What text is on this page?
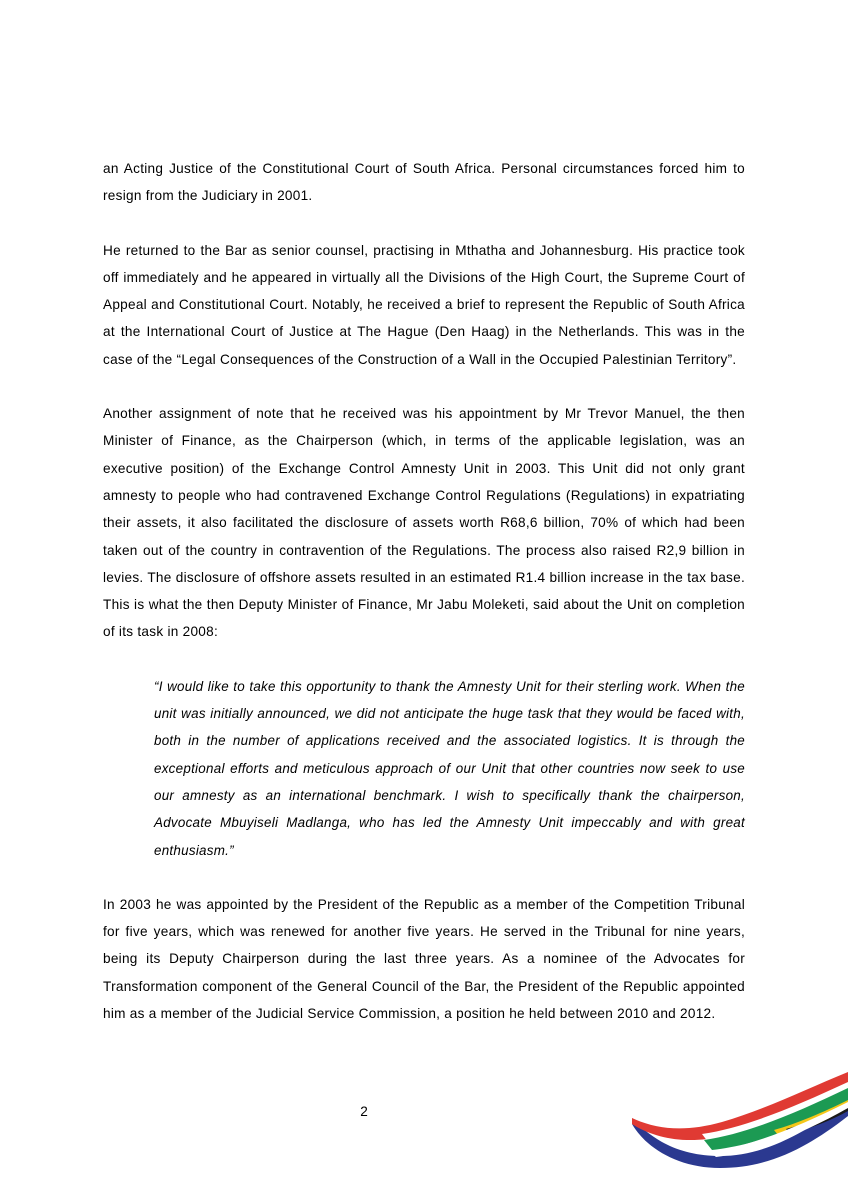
an Acting Justice of the Constitutional Court of South Africa. Personal circumstances forced him to resign from the Judiciary in 2001.

He returned to the Bar as senior counsel, practising in Mthatha and Johannesburg. His practice took off immediately and he appeared in virtually all the Divisions of the High Court, the Supreme Court of Appeal and Constitutional Court. Notably, he received a brief to represent the Republic of South Africa at the International Court of Justice at The Hague (Den Haag) in the Netherlands. This was in the case of the “Legal Consequences of the Construction of a Wall in the Occupied Palestinian Territory”.

Another assignment of note that he received was his appointment by Mr Trevor Manuel, the then Minister of Finance, as the Chairperson (which, in terms of the applicable legislation, was an executive position) of the Exchange Control Amnesty Unit in 2003. This Unit did not only grant amnesty to people who had contravened Exchange Control Regulations (Regulations) in expatriating their assets, it also facilitated the disclosure of assets worth R68,6 billion, 70% of which had been taken out of the country in contravention of the Regulations. The process also raised R2,9 billion in levies. The disclosure of offshore assets resulted in an estimated R1.4 billion increase in the tax base. This is what the then Deputy Minister of Finance, Mr Jabu Moleketi, said about the Unit on completion of its task in 2008:

“I would like to take this opportunity to thank the Amnesty Unit for their sterling work. When the unit was initially announced, we did not anticipate the huge task that they would be faced with, both in the number of applications received and the associated logistics. It is through the exceptional efforts and meticulous approach of our Unit that other countries now seek to use our amnesty as an international benchmark. I wish to specifically thank the chairperson, Advocate Mbuyiseli Madlanga, who has led the Amnesty Unit impeccably and with great enthusiasm.”

In 2003 he was appointed by the President of the Republic as a member of the Competition Tribunal for five years, which was renewed for another five years. He served in the Tribunal for nine years, being its Deputy Chairperson during the last three years. As a nominee of the Advocates for Transformation component of the General Council of the Bar, the President of the Republic appointed him as a member of the Judicial Service Commission, a position he held between 2010 and 2012.

2
